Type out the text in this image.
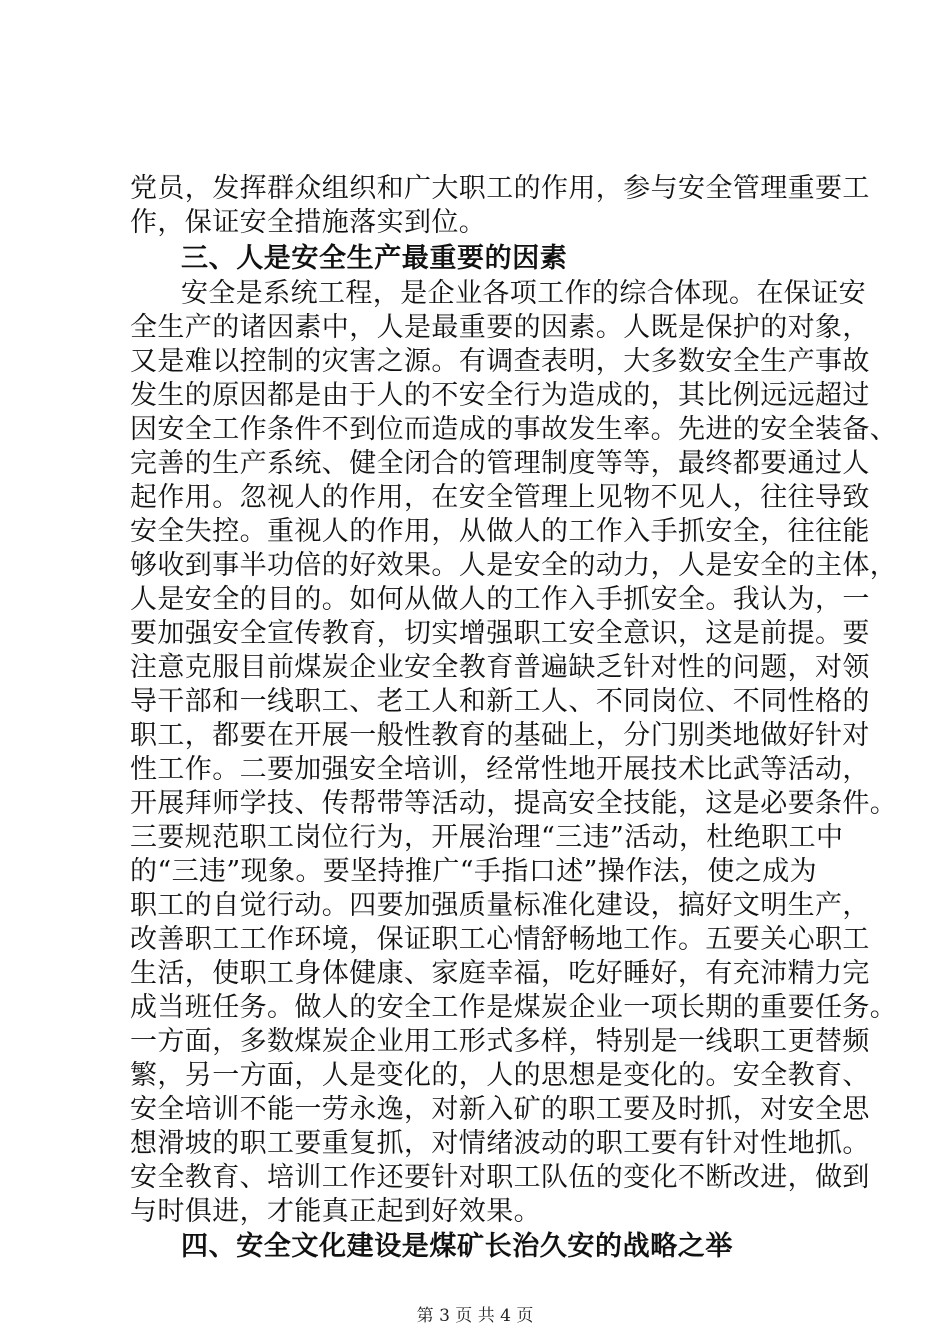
党员，发挥群众组织和广大职工的作用，参与安全管理重要工
作，保证安全措施落实到位。
三、人是安全生产最重要的因素
安全是系统工程，是企业各项工作的综合体现。在保证安
全生产的诸因素中，人是最重要的因素。人既是保护的对象，
又是难以控制的灾害之源。有调查表明，大多数安全生产事故
发生的原因都是由于人的不安全行为造成的，其比例远远超过
因安全工作条件不到位而造成的事故发生率。先进的安全装备、
完善的生产系统、健全闭合的管理制度等等，最终都要通过人
起作用。忽视人的作用，在安全管理上见物不见人，往往导致
安全失控。重视人的作用，从做人的工作入手抓安全，往往能
够收到事半功倍的好效果。人是安全的动力，人是安全的主体，
人是安全的目的。如何从做人的工作入手抓安全。我认为，一
要加强安全宣传教育，切实增强职工安全意识，这是前提。要
注意克服目前煤炭企业安全教育普遍缺乏针对性的问题，对领
导干部和一线职工、老工人和新工人、不同岗位、不同性格的
职工，都要在开展一般性教育的基础上，分门别类地做好针对
性工作。二要加强安全培训，经常性地开展技术比武等活动，
开展拜师学技、传帮带等活动，提高安全技能，这是必要条件。
三要规范职工岗位行为，开展治理“三违”活动，杜绝职工中
的“三违”现象。要坚持推广“手指口述”操作法，使之成为
职工的自觉行动。四要加强质量标准化建设，搞好文明生产，
改善职工工作环境，保证职工心情舒畅地工作。五要关心职工
生活，使职工身体健康、家庭幸福，吃好睡好，有充沛精力完
成当班任务。做人的安全工作是煤炭企业一项长期的重要任务。
一方面，多数煤炭企业用工形式多样，特别是一线职工更替频
繁，另一方面，人是变化的，人的思想是变化的。安全教育、
安全培训不能一劳永逸，对新入矿的职工要及时抓，对安全思
想滑坡的职工要重复抓，对情绪波动的职工要有针对性地抓。
安全教育、培训工作还要针对职工队伍的变化不断改进，做到
与时俱进，才能真正起到好效果。
四、安全文化建设是煤矿长治久安的战略之举
第 3 页 共 4 页
